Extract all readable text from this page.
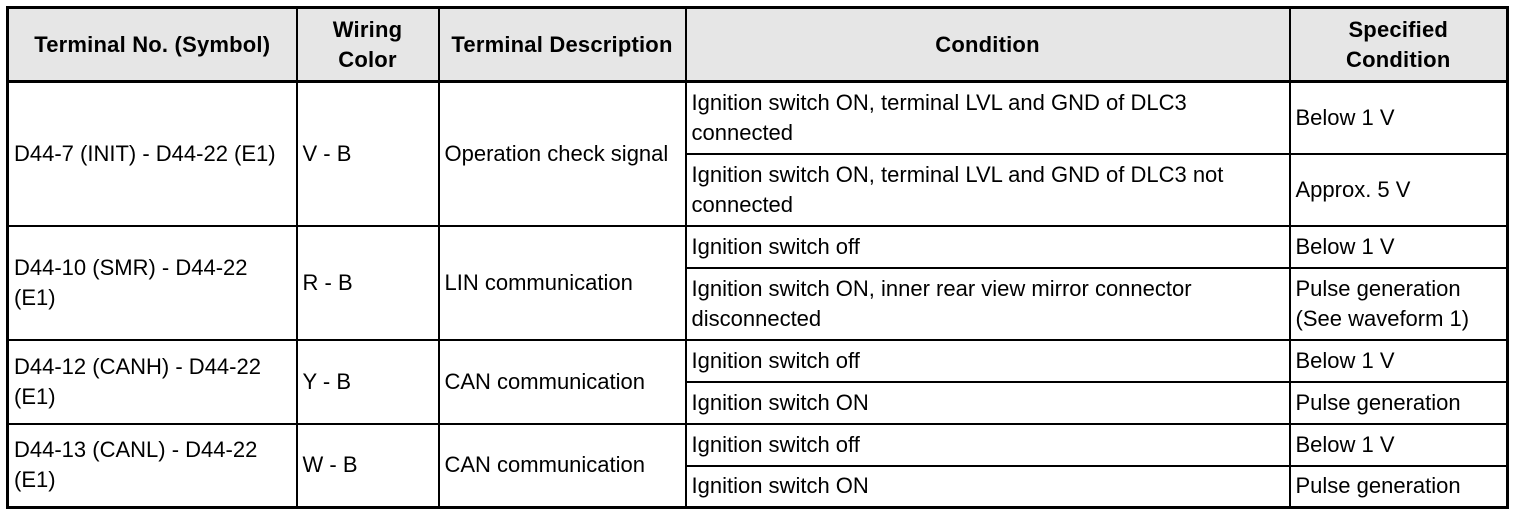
Terminal No. (Symbol)	Wiring Color	Terminal Description	Condition	Specified Condition
D44-7 (INIT) - D44-22 (E1)	V - B	Operation check signal	Ignition switch ON, terminal LVL and GND of DLC3 connected	Below 1 V
			Ignition switch ON, terminal LVL and GND of DLC3 not connected	Approx. 5 V
D44-10 (SMR) - D44-22 (E1)	R - B	LIN communication	Ignition switch off	Below 1 V
			Ignition switch ON, inner rear view mirror connector disconnected	Pulse generation (See waveform 1)
D44-12 (CANH) - D44-22 (E1)	Y - B	CAN communication	Ignition switch off	Below 1 V
			Ignition switch ON	Pulse generation
D44-13 (CANL) - D44-22 (E1)	W - B	CAN communication	Ignition switch off	Below 1 V
			Ignition switch ON	Pulse generation
